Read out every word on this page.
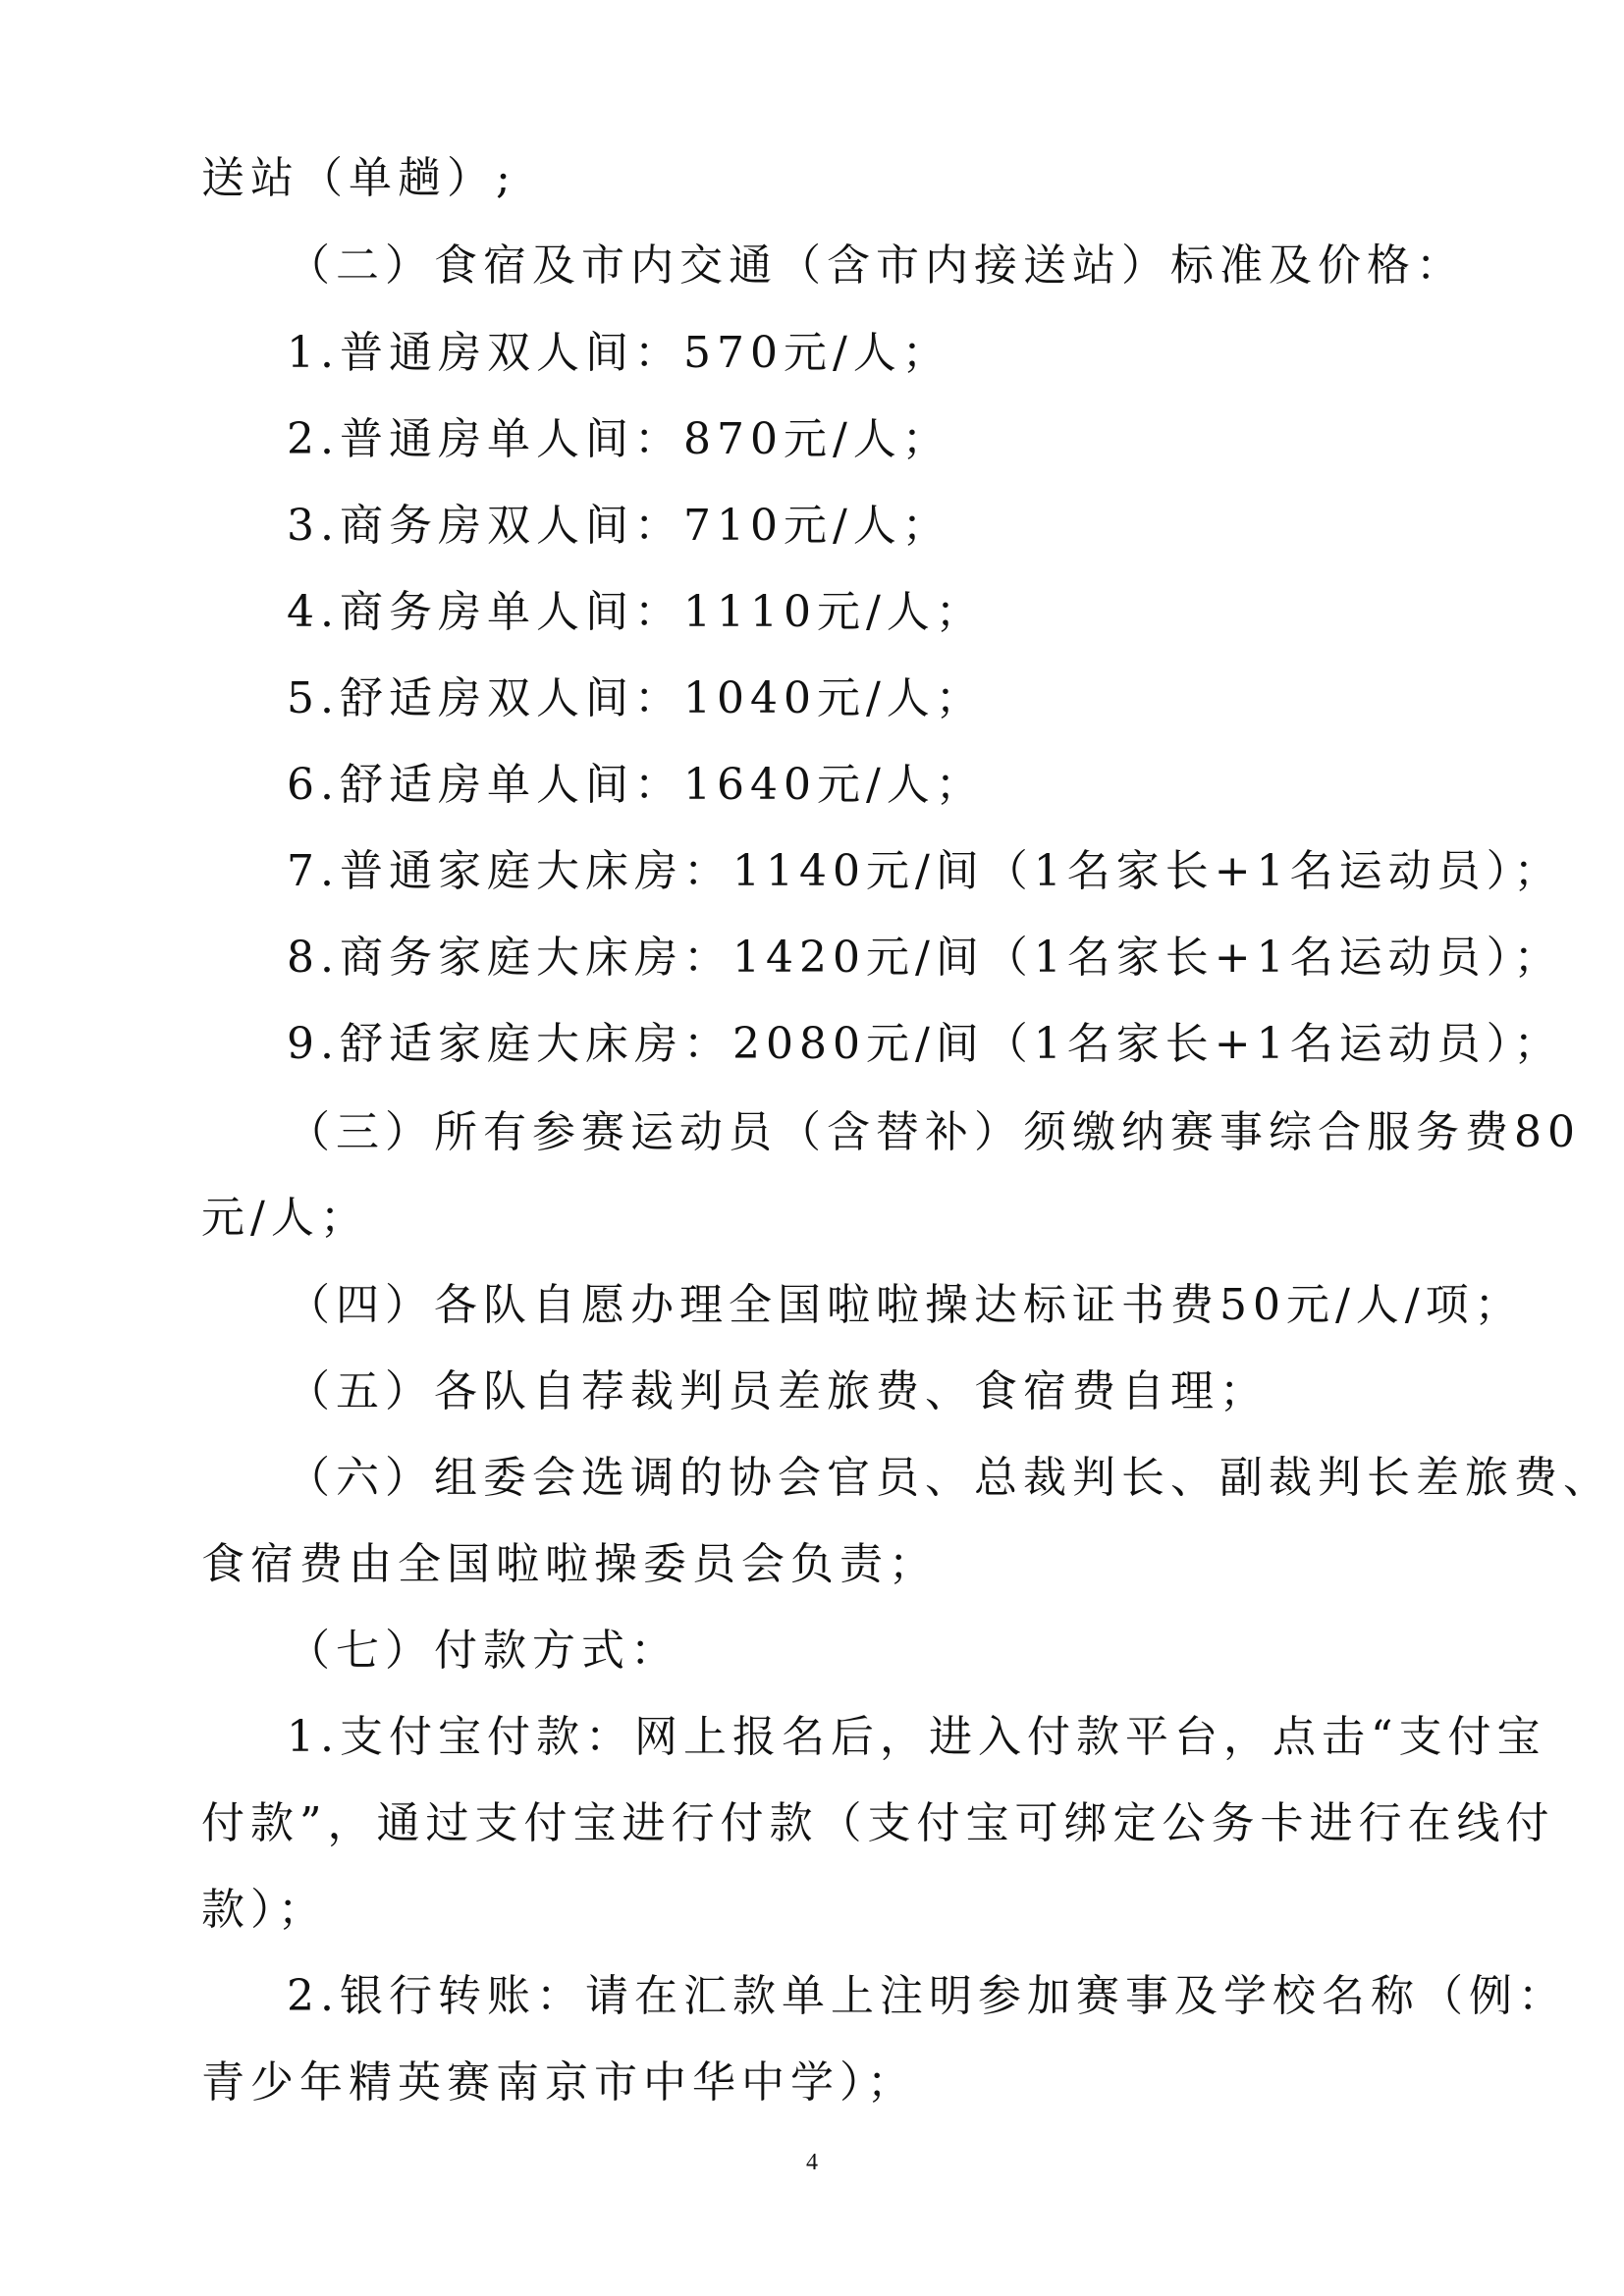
送站（单趟）;
（二）食宿及市内交通（含市内接送站）标准及价格：
1.普通房双人间：570元/人；
2.普通房单人间：870元/人；
3.商务房双人间：710元/人；
4.商务房单人间：1110元/人；
5.舒适房双人间：1040元/人；
6.舒适房单人间：1640元/人；
7.普通家庭大床房：1140元/间（1名家长+1名运动员）；
8.商务家庭大床房：1420元/间（1名家长+1名运动员）；
9.舒适家庭大床房：2080元/间（1名家长+1名运动员）；
（三）所有参赛运动员（含替补）须缴纳赛事综合服务费80
元/人；
（四）各队自愿办理全国啦啦操达标证书费50元/人/项；
（五）各队自荐裁判员差旅费、食宿费自理；
（六）组委会选调的协会官员、总裁判长、副裁判长差旅费、
食宿费由全国啦啦操委员会负责；
（七）付款方式：
1.支付宝付款：网上报名后，进入付款平台，点击“支付宝
付款”，通过支付宝进行付款（支付宝可绑定公务卡进行在线付
款）；
2.银行转账：请在汇款单上注明参加赛事及学校名称（例：
青少年精英赛南京市中华中学）；
4
